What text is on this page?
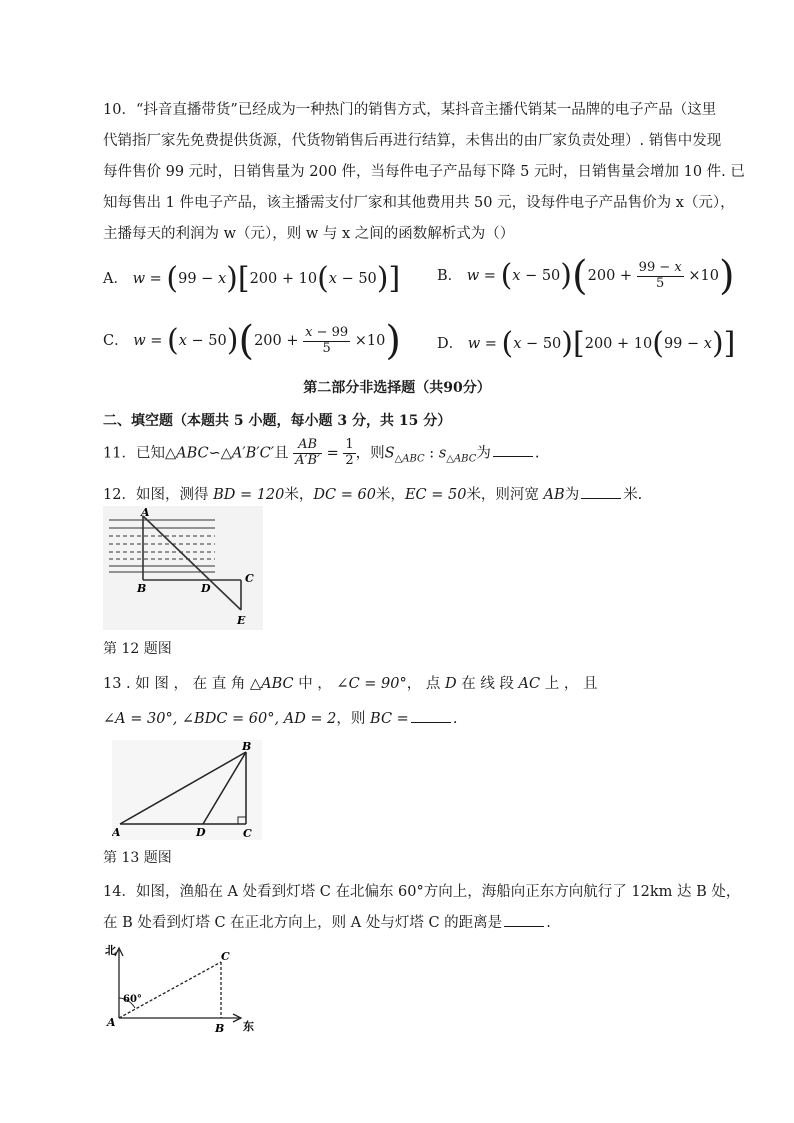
10．“抖音直播带货”已经成为一种热门的销售方式，某抖音主播代销某一品牌的电子产品（这里
代销指厂家先免费提供货源，代货物销售后再进行结算，未售出的由厂家负责处理）. 销售中发现
每件售价 99 元时，日销售量为 200 件，当每件电子产品每下降 5 元时，日销售量会增加 10 件. 已
知每售出 1 件电子产品，该主播需支付厂家和其他费用共 50 元，设每件电子产品售价为 x（元），
主播每天的利润为 w（元），则 w 与 x 之间的函数解析式为（）
A． w = (99 − x)[200 + 10(x − 50)]	B． $w = (x - 50)(200 + \frac{99 - x}{5} \times 10)$
C． $w = (x - 50)(200 + \frac{x - 99}{5} \times 10)$ D． w = (x − 50)[200 + 10(99 − x)]
第二部分非选择题（共90分）
二、填空题（本题共 5 小题，每小题 3 分，共 15 分）
11．已知△ABC∽△A′B′C′且 $\frac{AB}{A'B'} = \frac{1}{2}$ ，则$S_{\triangle ABC}$ : $s_{\triangle ABC}$为	.
12．如图，测得 BD = 120米，DC = 60米，EC = 50米，则河宽 AB为	米.
A
B	D
C
E
第 12 题图
13 . 如 图 ， 在 直 角 △ABC 中 ， ∠C = 90°， 点 D 在 线 段 AC 上 ， 且
∠A = 30°, ∠BDC = 60°, AD = 2，则 BC =	.
A
B
C
D
第 13 题图
14．如图，渔船在 A 处看到灯塔 C 在北偏东 60°方向上，海船向正东方向航行了 12km 达 B 处，
在 B 处看到灯塔 C 在正北方向上，则 A 处与灯塔 C 的距离是	.
北
东
A	B
C
60°
